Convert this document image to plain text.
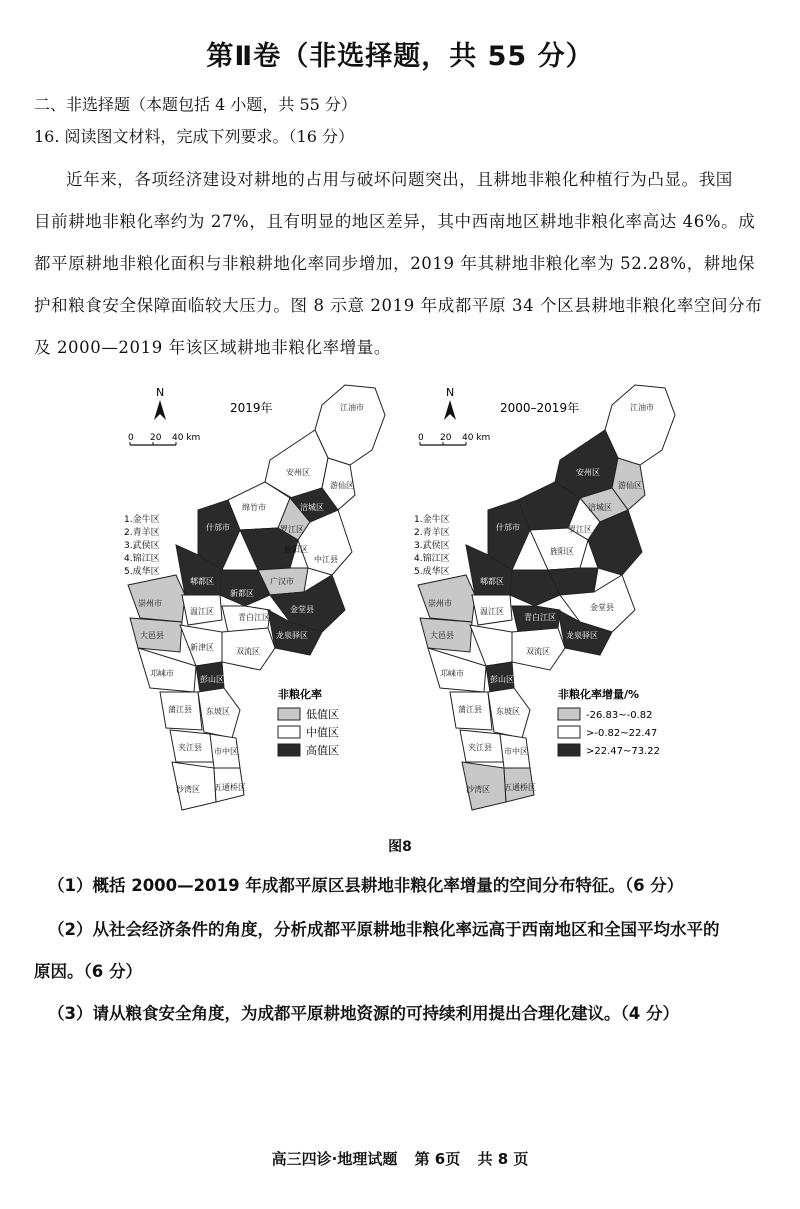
第Ⅱ卷（非选择题，共 55 分）
二、非选择题（本题包括 4 小题，共 55 分）
16. 阅读图文材料，完成下列要求。（16 分）
近年来，各项经济建设对耕地的占用与破坏问题突出，且耕地非粮化种植行为凸显。我国
目前耕地非粮化率约为 27%，且有明显的地区差异，其中西南地区耕地非粮化率高达 46%。成
都平原耕地非粮化面积与非粮耕地化率同步增加，2019 年其耕地非粮化率为 52.28%，耕地保
护和粮食安全保障面临较大压力。图 8 示意 2019 年成都平原 34 个区县耕地非粮化率空间分布
及 2000—2019 年该区域耕地非粮化率增量。
N
0 20 40 km
2019年
1.金牛区
2.青羊区
3.武侯区
4.锦江区
5.成华区
江油市
安州区
涪城区
游仙区
绵竹市
罗江区
旌阳区
什邡市
广汉市
中江县
金堂县
郫都区
新都区
青白江区
崇州市
温江区
双流区
大邑县
邛崃市
彭山区
蒲江县 东坡区
夹江县 市中区
五通桥区
沙湾区
新津区
龙泉驿区
非粮化率
低值区
中值区
高值区
N
0 20 40 km
2000–2019年
1.金牛区
2.青羊区
3.武侯区
4.锦江区
5.成华区
江油市
安州区
游仙区
涪城区
罗江区
旌阳区
什邡市
郫都区
崇州市
温江区
大邑县
邛崃市
双流区
彭山区
蒲江县 东坡区
夹江县 市中区
五通桥区
沙湾区
金堂县
龙泉驿区
青白江区
非粮化率增量/%
-26.83~-0.82
>-0.82~22.47
>22.47~73.22
图8
（1）概括 2000—2019 年成都平原区县耕地非粮化率增量的空间分布特征。（6 分）
（2）从社会经济条件的角度，分析成都平原耕地非粮化率远高于西南地区和全国平均水平的
原因。（6 分）
（3）请从粮食安全角度，为成都平原耕地资源的可持续利用提出合理化建议。（4 分）
高三四诊·地理试题 第 6页 共 8 页
